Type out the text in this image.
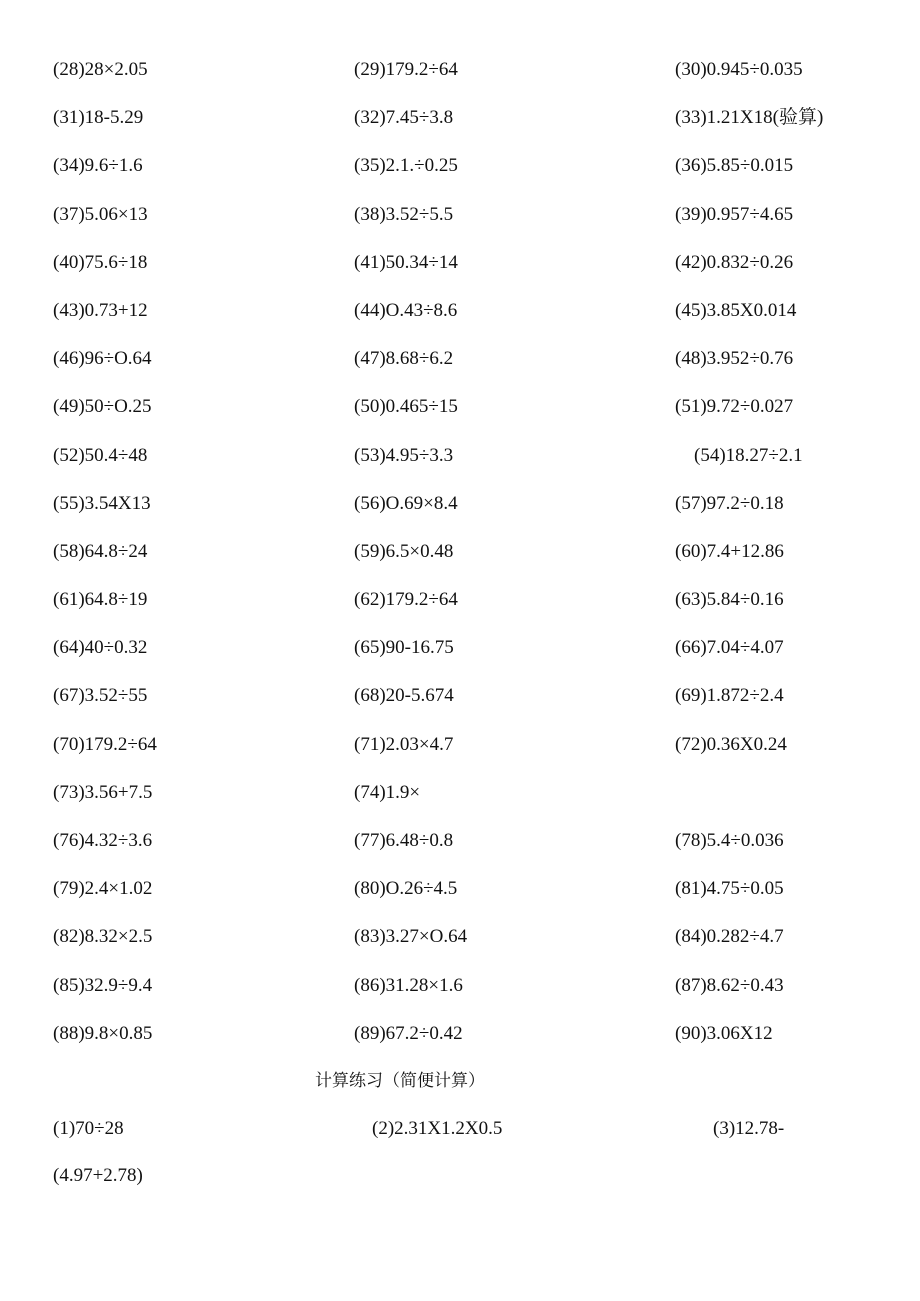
(28)28×2.05	(29)179.2÷64	(30)0.945÷0.035
(31)18-5.29	(32)7.45÷3.8	(33)1.21X18(验算)
(34)9.6÷1.6	(35)2.1.÷0.25	(36)5.85÷0.015
(37)5.06×13	(38)3.52÷5.5	(39)0.957÷4.65
(40)75.6÷18	(41)50.34÷14	(42)0.832÷0.26
(43)0.73+12	(44)O.43÷8.6	(45)3.85X0.014
(46)96÷O.64	(47)8.68÷6.2	(48)3.952÷0.76
(49)50÷O.25	(50)0.465÷15	(51)9.72÷0.027
(52)50.4÷48	(53)4.95÷3.3	(54)18.27÷2.1
(55)3.54X13	(56)O.69×8.4	(57)97.2÷0.18
(58)64.8÷24	(59)6.5×0.48	(60)7.4+12.86
(61)64.8÷19	(62)179.2÷64	(63)5.84÷0.16
(64)40÷0.32	(65)90-16.75	(66)7.04÷4.07
(67)3.52÷55	(68)20-5.674	(69)1.872÷2.4
(70)179.2÷64	(71)2.03×4.7	(72)0.36X0.24
(73)3.56+7.5	(74)1.9×
(76)4.32÷3.6	(77)6.48÷0.8	(78)5.4÷0.036
(79)2.4×1.02	(80)O.26÷4.5	(81)4.75÷0.05
(82)8.32×2.5	(83)3.27×O.64	(84)0.282÷4.7
(85)32.9÷9.4	(86)31.28×1.6	(87)8.62÷0.43
(88)9.8×0.85	(89)67.2÷0.42	(90)3.06X12
计算练习（简便计算）
(1)70÷28	(2)2.31X1.2X0.5	(3)12.78-
(4.97+2.78)
